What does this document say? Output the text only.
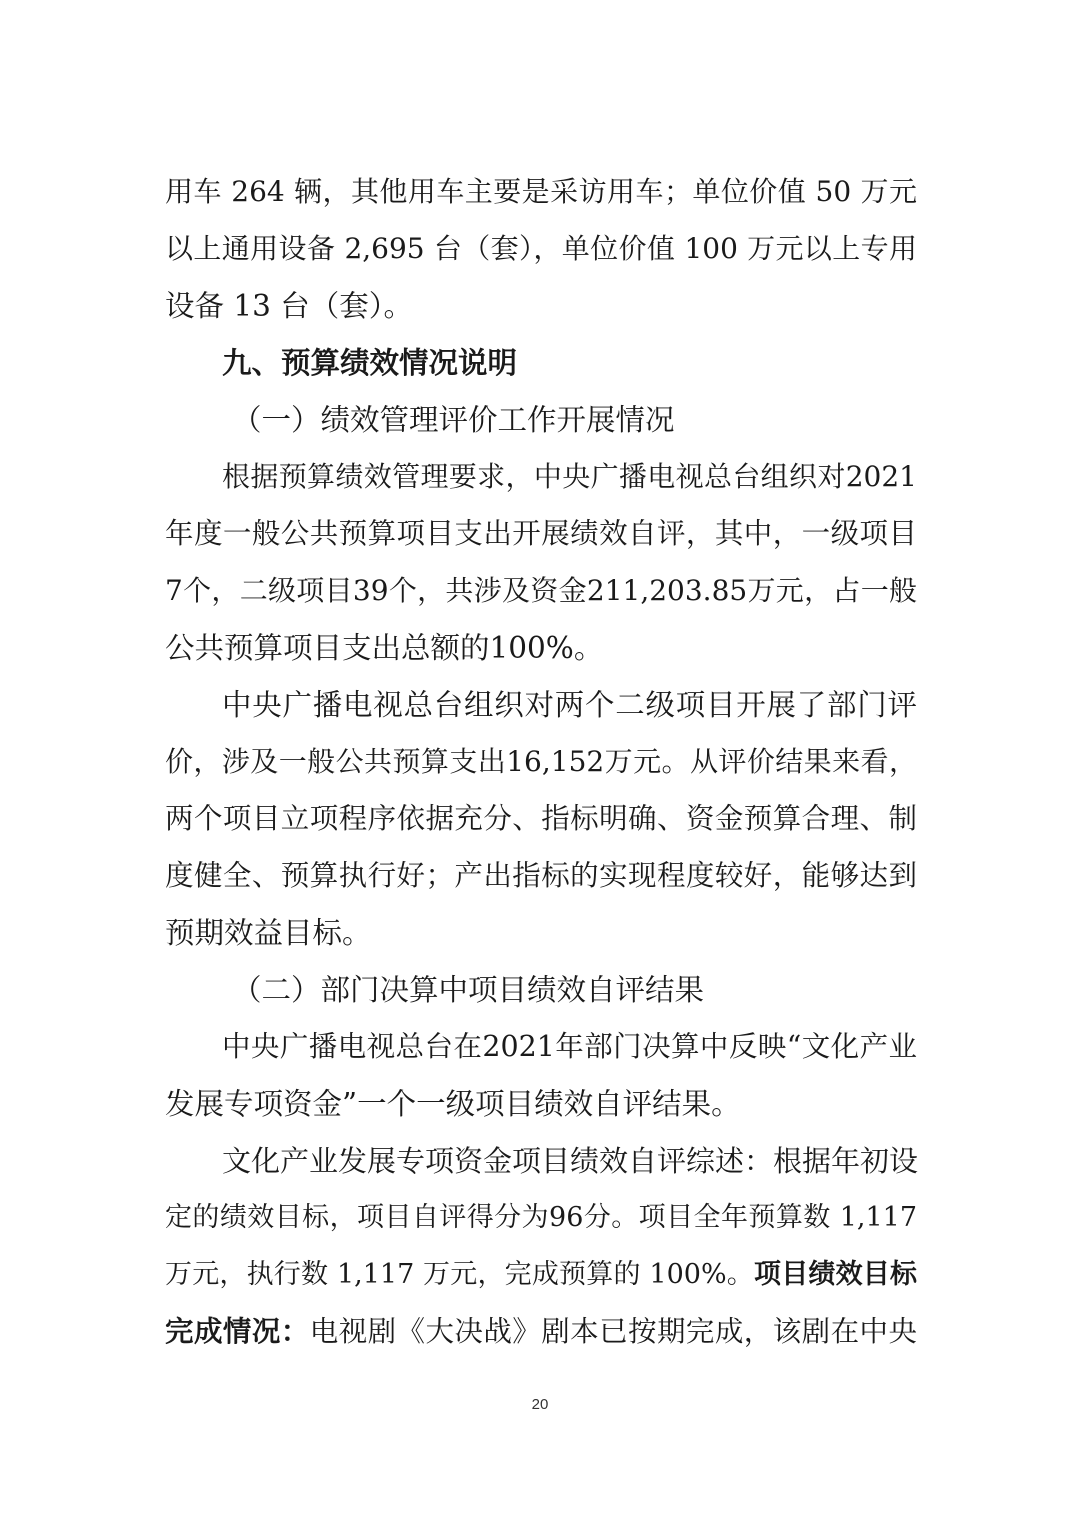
用车 264 辆，其他用车主要是采访用车；单位价值 50 万元
以上通用设备 2,695 台（套），单位价值 100 万元以上专用
设备 13 台（套）。
九、预算绩效情况说明
（一）绩效管理评价工作开展情况
根据预算绩效管理要求，中央广播电视总台组织对2021
年度一般公共预算项目支出开展绩效自评，其中，一级项目
7个，二级项目39个，共涉及资金211,203.85万元，占一般
公共预算项目支出总额的100%。
中央广播电视总台组织对两个二级项目开展了部门评
价，涉及一般公共预算支出16,152万元。从评价结果来看，
两个项目立项程序依据充分、指标明确、资金预算合理、制
度健全、预算执行好；产出指标的实现程度较好，能够达到
预期效益目标。
（二）部门决算中项目绩效自评结果
中央广播电视总台在2021年部门决算中反映“文化产业
发展专项资金”一个一级项目绩效自评结果。
文化产业发展专项资金项目绩效自评综述：根据年初设
定的绩效目标，项目自评得分为96分。项目全年预算数 1,117
万元，执行数 1,117 万元，完成预算的 100%。项目绩效目标
完成情况：电视剧《大决战》剧本已按期完成，该剧在中央
20
